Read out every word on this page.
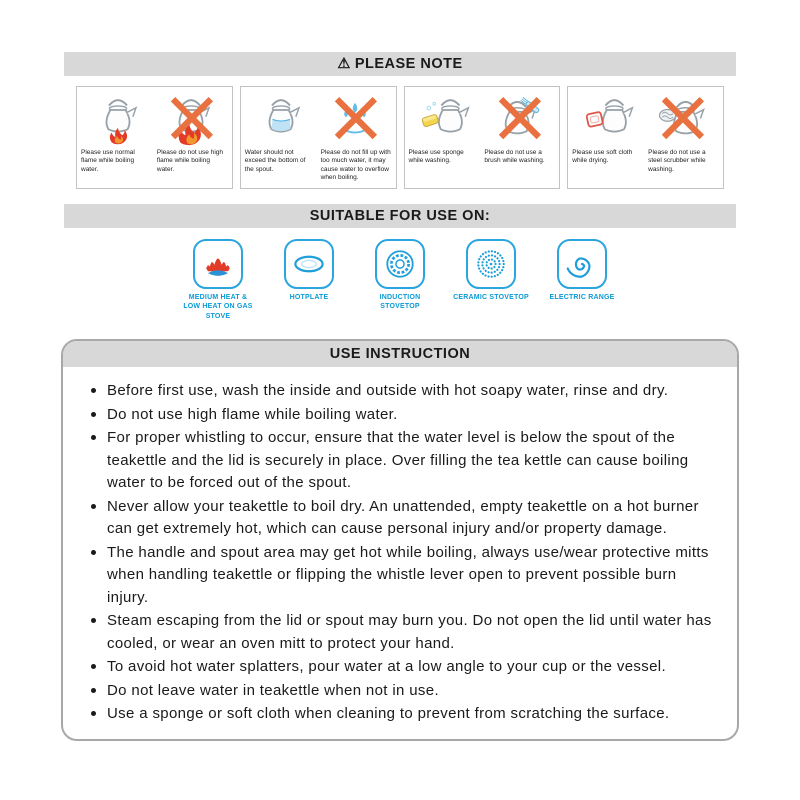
⚠ PLEASE NOTE

Please use normal flame while boiling water.

Please do not use high flame while boiling water.

Water should not exceed the bottom of the spout.

Please do not fill up with too much water, it may cause water to overflow when boiling.

Please use sponge while washing.

Please do not use a brush while washing.

Please use soft cloth while drying.

Please do not use a steel scrubber while washing.

SUITABLE FOR USE ON:
MEDIUM HEAT & LOW HEAT ON GAS STOVE
HOTPLATE	INDUCTION STOVETOP
CERAMIC STOVETOP	ELECTRIC RANGE
USE INSTRUCTION
Before first use, wash the inside and outside with hot soapy water, rinse and dry.
Do not use high flame while boiling water.
For proper whistling to occur, ensure that the water level is below the spout of the teakettle and the lid is securely in place. Over filling the tea kettle can cause boiling water to be forced out of the spout.
Never allow your teakettle to boil dry. An unattended, empty teakettle on a hot burner can get extremely hot, which can cause personal injury and/or property damage.
The handle and spout area may get hot while boiling, always use/wear protective mitts when handling teakettle or flipping the whistle lever open to prevent possible burn injury.
Steam escaping from the lid or spout may burn you. Do not open the lid until water has cooled, or wear an oven mitt to protect your hand.
To avoid hot water splatters, pour water at a low angle to your cup or the vessel.
Do not leave water in teakettle when not in use.
Use a sponge or soft cloth when cleaning to prevent from scratching the surface.
